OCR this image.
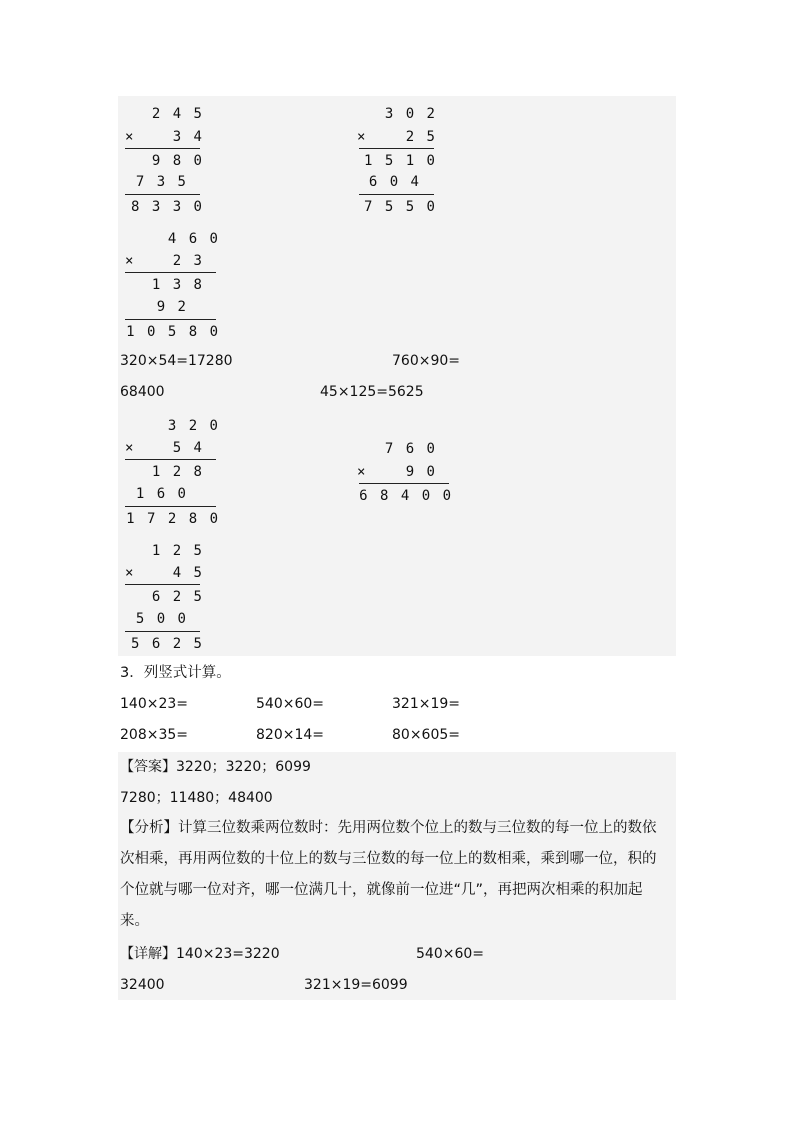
2 4 5
×	3 4
9 8 0
7 3 5
8 3 3 0
3 0 2
×	2 5
1 5 1 0
6 0 4
7 5 5 0
4 6 0
×	2 3
1 3 8
9 2
1 0 5 8 0
320×54=17280	760×90=
68400	45×125=5625
3 2 0
×	5 4
1 2 8
1 6 0
1 7 2 8 0
7 6 0
×	9 0
6 8 4 0 0
1 2 5
×	4 5
6 2 5
5 0 0
5 6 2 5
3．列竖式计算。
140×23=	540×60=	321×19=
208×35=	820×14=	80×605=
【答案】3220；3220；6099
7280；11480；48400
【分析】计算三位数乘两位数时：先用两位数个位上的数与三位数的每一位上的数依次相乘，再用两位数的十位上的数与三位数的每一位上的数相乘，乘到哪一位，积的个位就与哪一位对齐，哪一位满几十，就像前一位进“几”，再把两次相乘的积加起来。
【详解】140×23=3220	540×60=
32400	321×19=6099
